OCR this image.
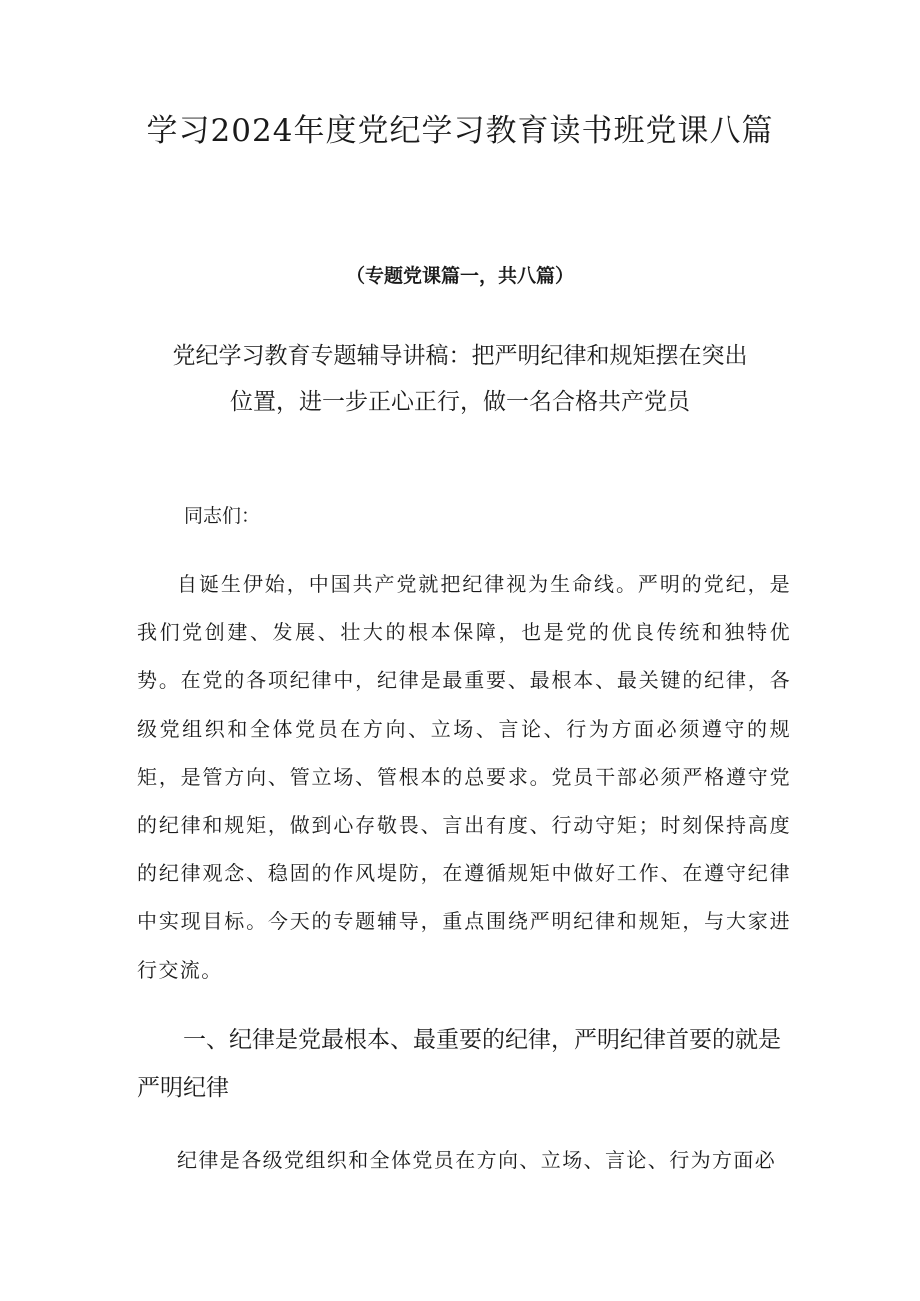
学习2024年度党纪学习教育读书班党课八篇

（专题党课篇一，共八篇）

党纪学习教育专题辅导讲稿：把严明纪律和规矩摆在突出位置，进一步正心正行，做一名合格共产党员

同志们：

自诞生伊始，中国共产党就把纪律视为生命线。严明的党纪，是我们党创建、发展、壮大的根本保障，也是党的优良传统和独特优势。在党的各项纪律中，纪律是最重要、最根本、最关键的纪律，各级党组织和全体党员在方向、立场、言论、行为方面必须遵守的规矩，是管方向、管立场、管根本的总要求。党员干部必须严格遵守党的纪律和规矩，做到心存敬畏、言出有度、行动守矩；时刻保持高度的纪律观念、稳固的作风堤防，在遵循规矩中做好工作、在遵守纪律中实现目标。今天的专题辅导，重点围绕严明纪律和规矩，与大家进行交流。

一、纪律是党最根本、最重要的纪律，严明纪律首要的就是严明纪律

纪律是各级党组织和全体党员在方向、立场、言论、行为方面必
